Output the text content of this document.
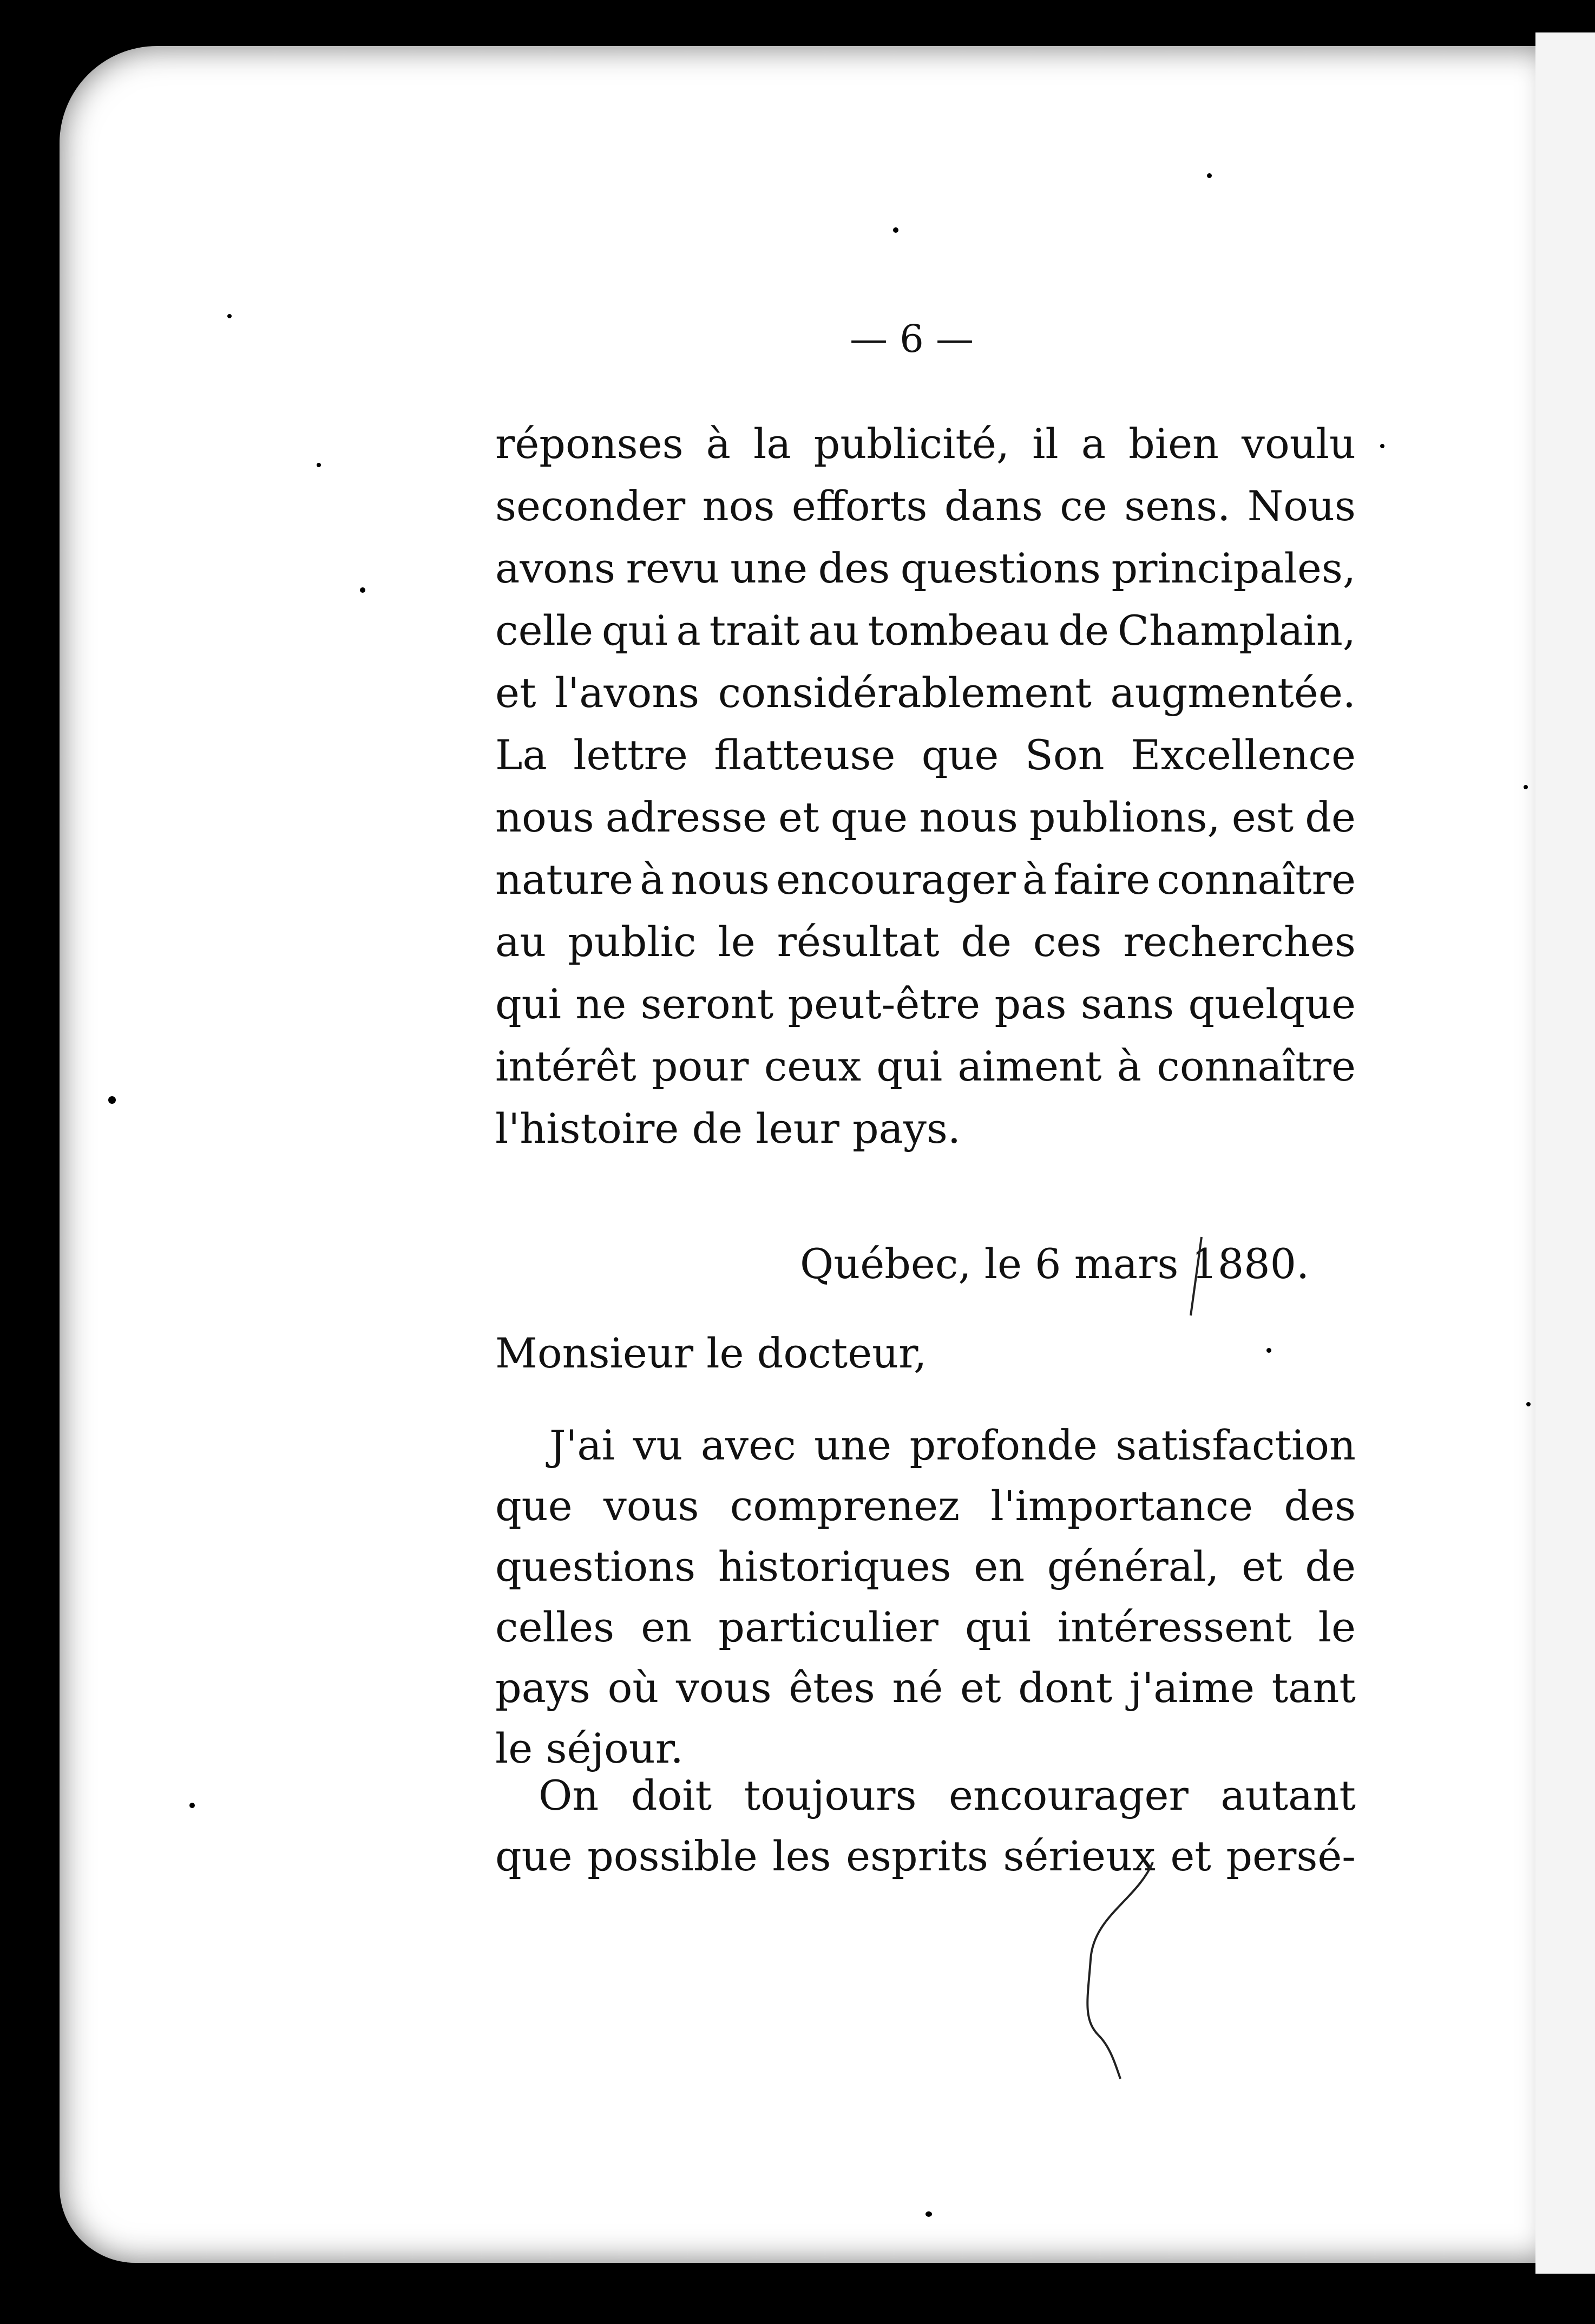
— 6 —
réponses à la publicité, il a bien voulu
seconder nos efforts dans ce sens. Nous
avons revu une des questions principales,
celle qui a trait au tombeau de Champlain,
et l'avons considérablement augmentée.
La lettre flatteuse que Son Excellence
nous adresse et que nous publions, est de
nature à nous encourager à faire connaître
au public le résultat de ces recherches
qui ne seront peut-être pas sans quelque
intérêt pour ceux qui aiment à connaître
l'histoire de leur pays.
Québec, le 6 mars 1880.
Monsieur le docteur,
J'ai vu avec une profonde satisfaction
que vous comprenez l'importance des
questions historiques en général, et de
celles en particulier qui intéressent le
pays où vous êtes né et dont j'aime tant
le séjour.
On doit toujours encourager autant
que possible les esprits sérieux et persé-
